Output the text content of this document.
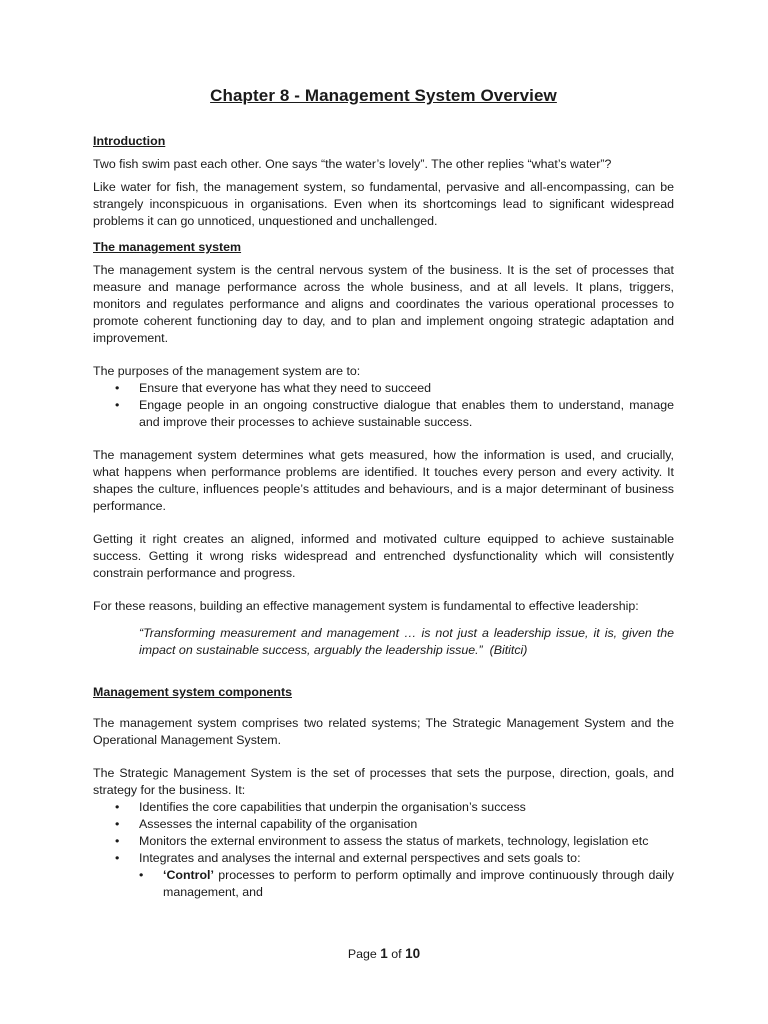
Chapter 8 - Management System Overview
Introduction

Two fish swim past each other. One says “the water’s lovely”. The other replies “what’s water”?

Like water for fish, the management system, so fundamental, pervasive and all-encompassing, can be strangely inconspicuous in organisations. Even when its shortcomings lead to significant widespread problems it can go unnoticed, unquestioned and unchallenged.

The management system

The management system is the central nervous system of the business. It is the set of processes that measure and manage performance across the whole business, and at all levels. It plans, triggers, monitors and regulates performance and aligns and coordinates the various operational processes to promote coherent functioning day to day, and to plan and implement ongoing strategic adaptation and improvement.

The purposes of the management system are to:

• Ensure that everyone has what they need to succeed
• Engage people in an ongoing constructive dialogue that enables them to understand, manage and improve their processes to achieve sustainable success.

The management system determines what gets measured, how the information is used, and crucially, what happens when performance problems are identified. It touches every person and every activity. It shapes the culture, influences people’s attitudes and behaviours, and is a major determinant of business performance.

Getting it right creates an aligned, informed and motivated culture equipped to achieve sustainable success. Getting it wrong risks widespread and entrenched dysfunctionality which will consistently constrain performance and progress.

For these reasons, building an effective management system is fundamental to effective leadership:

“Transforming measurement and management … is not just a leadership issue, it is, given the impact on sustainable success, arguably the leadership issue.” (Bititci)

Management system components

The management system comprises two related systems; The Strategic Management System and the Operational Management System.

The Strategic Management System is the set of processes that sets the purpose, direction, goals, and strategy for the business. It:

• Identifies the core capabilities that underpin the organisation’s success
• Assesses the internal capability of the organisation
• Monitors the external environment to assess the status of markets, technology, legislation etc
• Integrates and analyses the internal and external perspectives and sets goals to:
• ‘Control’ processes to perform to perform optimally and improve continuously through daily management, and
Page 1 of 10
